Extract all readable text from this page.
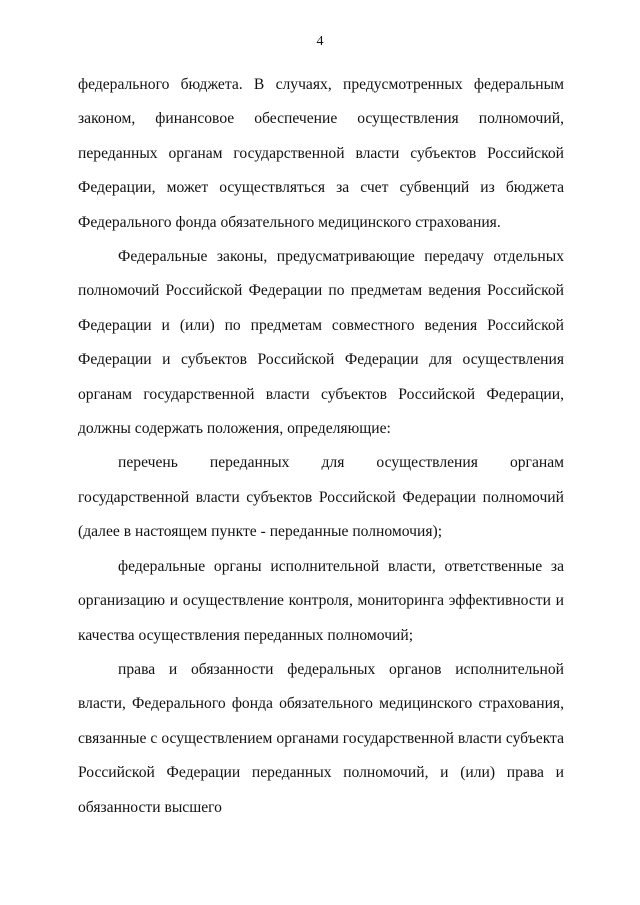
4

федерального бюджета. В случаях, предусмотренных федеральным законом, финансовое обеспечение осуществления полномочий, переданных органам государственной власти субъектов Российской Федерации, может осуществляться за счет субвенций из бюджета Федерального фонда обязательного медицинского страхования.

Федеральные законы, предусматривающие передачу отдельных полномочий Российской Федерации по предметам ведения Российской Федерации и (или) по предметам совместного ведения Российской Федерации и субъектов Российской Федерации для осуществления органам государственной власти субъектов Российской Федерации, должны содержать положения, определяющие:

перечень переданных для осуществления органам государственной власти субъектов Российской Федерации полномочий (далее в настоящем пункте - переданные полномочия);

федеральные органы исполнительной власти, ответственные за организацию и осуществление контроля, мониторинга эффективности и качества осуществления переданных полномочий;

права и обязанности федеральных органов исполнительной власти, Федерального фонда обязательного медицинского страхования, связанные с осуществлением органами государственной власти субъекта Российской Федерации переданных полномочий, и (или) права и обязанности высшего
